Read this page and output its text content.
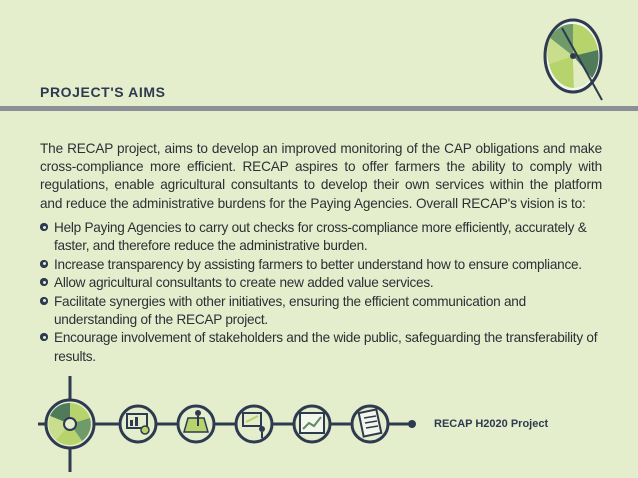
PROJECT'S AIMS

The RECAP project, aims to develop an improved monitoring of the CAP obligations and make cross-compliance more efficient. RECAP aspires to offer farmers the ability to comply with regulations, enable agricultural consultants to develop their own services within the platform and reduce the administrative burdens for the Paying Agencies. Overall RECAP's vision is to:

Help Paying Agencies to carry out checks for cross-compliance more efficiently, accurately & faster, and therefore reduce the administrative burden.
Increase transparency by assisting farmers to better understand how to ensure compliance.
Allow agricultural consultants to create new added value services.
Facilitate synergies with other initiatives, ensuring the efficient communication and understanding of the RECAP project.
Encourage involvement of stakeholders and the wide public, safeguarding the transferability of results.
RECAP H2020 Project
